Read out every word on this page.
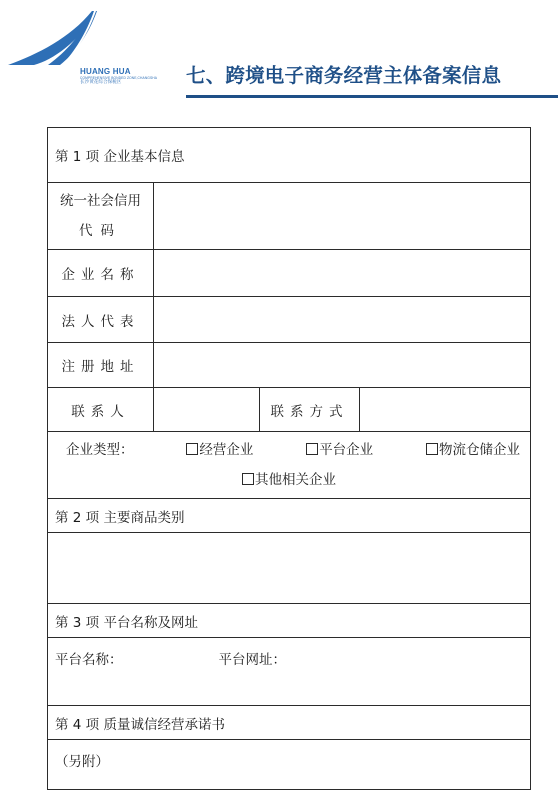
HUANG HUA
COMPREHENSIVE BONDED ZONE,CHANGSHA
长沙黄花综合保税区	七、跨境电子商务经营主体备案信息
第 1 项 企业基本信息			

统一社会信用
代码			

企业名称			
法人代表			
注册地址			
联系人		联系方式	

企业类型： 经营企业 平台企业 物流仓储企业
其他相关企业			

第 2 项 主要商品类别			

第 3 项 平台名称及网址			
平台名称： 平台网址：			
第 4 项 质量诚信经营承诺书			
（另附）			
